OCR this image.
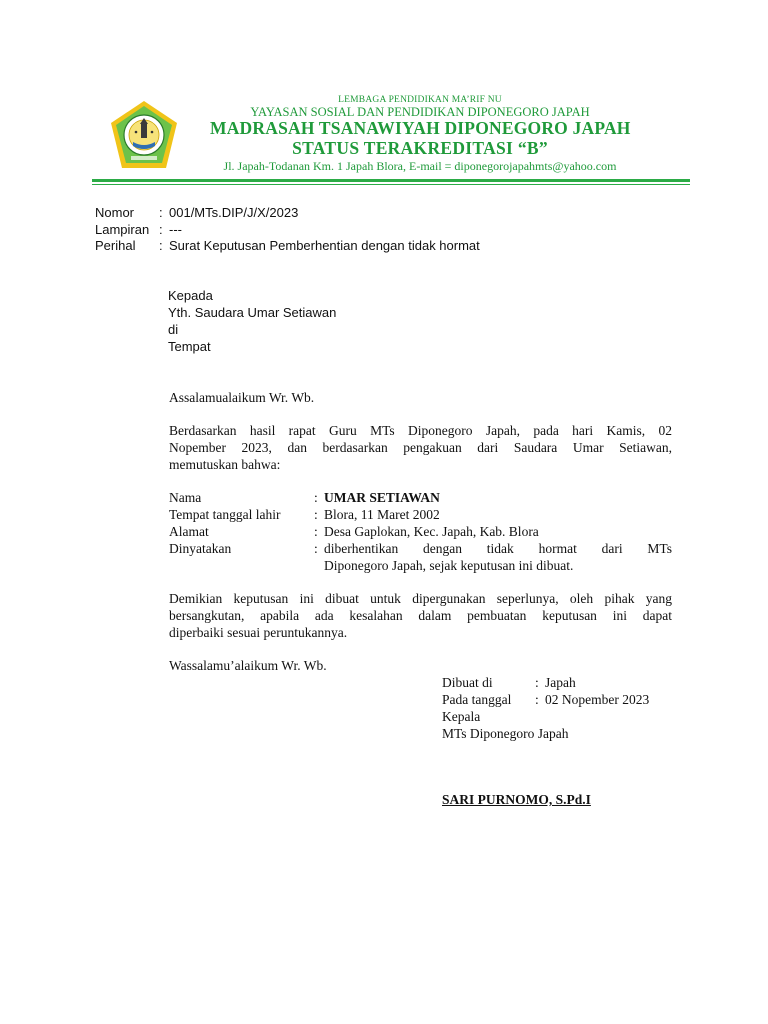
LEMBAGA PENDIDIKAN MA’RIF NU
YAYASAN SOSIAL DAN PENDIDIKAN DIPONEGORO JAPAH
MADRASAH TSANAWIYAH DIPONEGORO JAPAH
STATUS TERAKREDITASI “B”
Jl. Japah-Todanan Km. 1 Japah Blora, E-mail = diponegorojapahmts@yahoo.com
Nomor : 001/MTs.DIP/J/X/2023
Lampiran : ---
Perihal : Surat Keputusan Pemberhentian dengan tidak hormat
Kepada
Yth. Saudara Umar Setiawan
di
Tempat
Assalamualaikum Wr. Wb.
Berdasarkan hasil rapat Guru MTs Diponegoro Japah, pada hari Kamis, 02
Nopember 2023, dan berdasarkan pengakuan dari Saudara Umar Setiawan,
memutuskan bahwa:
Nama	: UMAR SETIAWAN
Tempat tanggal lahir : Blora, 11 Maret 2002
Alamat	: Desa Gaplokan, Kec. Japah, Kab. Blora
Dinyatakan	: diberhentikan dengan tidak hormat dari MTs
Diponegoro Japah, sejak keputusan ini dibuat.
Demikian keputusan ini dibuat untuk dipergunakan seperlunya, oleh pihak yang
bersangkutan, apabila ada kesalahan dalam pembuatan keputusan ini dapat
diperbaiki sesuai peruntukannya.
Wassalamu’alaikum Wr. Wb.
Dibuat di	: Japah
Pada tanggal : 02 Nopember 2023
Kepala
MTs Diponegoro Japah
SARI PURNOMO, S.Pd.I
